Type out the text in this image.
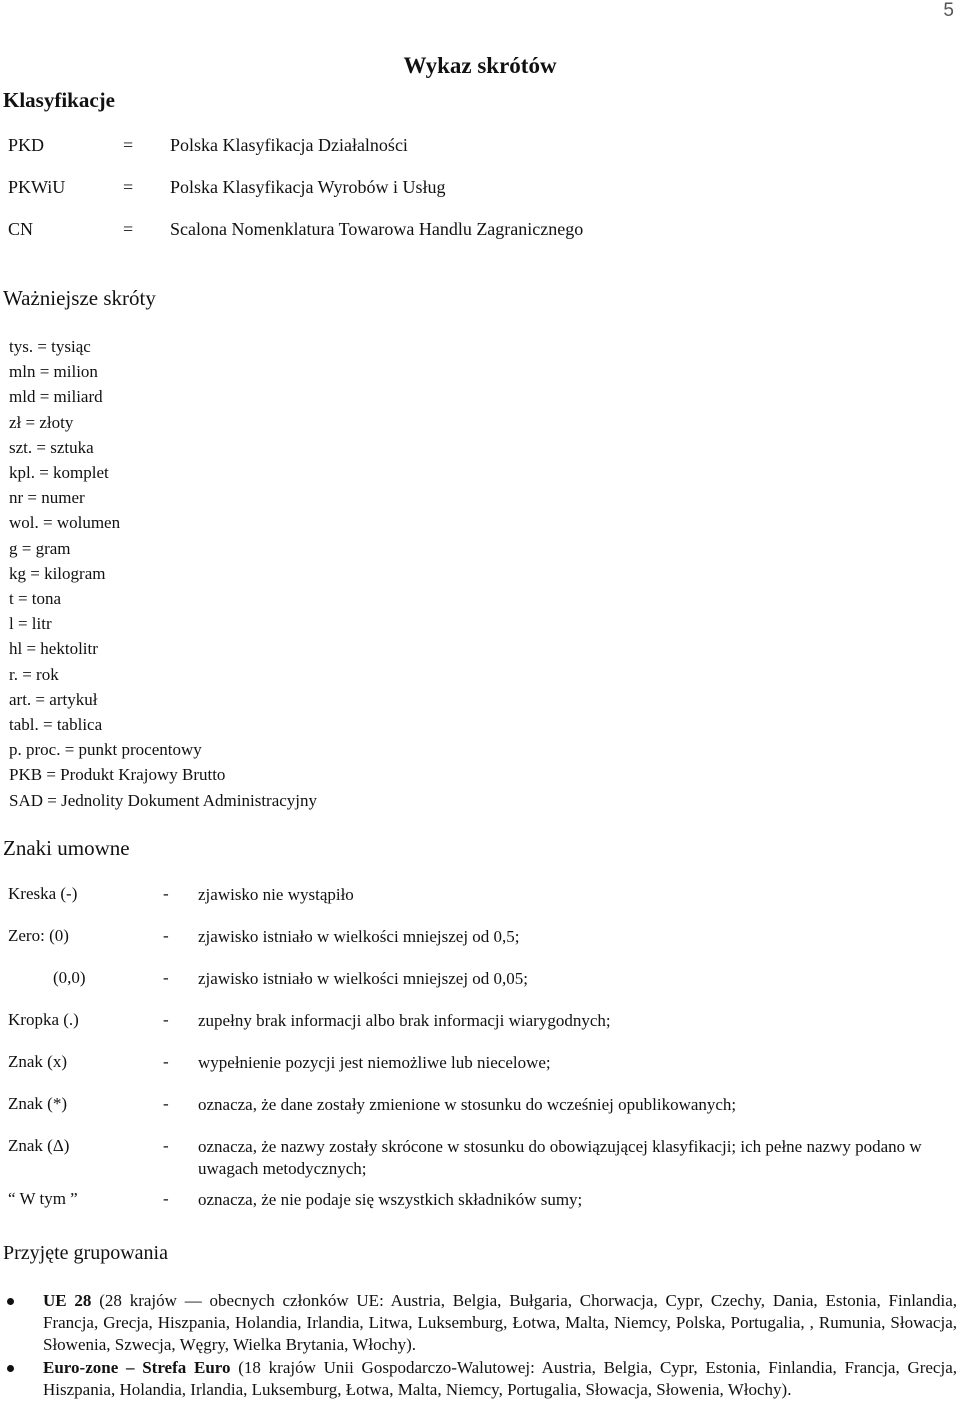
5
Wykaz skrótów
Klasyfikacje
PKD	= Polska Klasyfikacja Działalności
PKWiU	= Polska Klasyfikacja Wyrobów i Usług
CN	= Scalona Nomenklatura Towarowa Handlu Zagranicznego
Ważniejsze skróty
tys. = tysiąc
mln = milion
mld = miliard
zł = złoty
szt. = sztuka
kpl. = komplet
nr = numer
wol. = wolumen
g = gram
kg = kilogram
t = tona
l = litr
hl = hektolitr
r. = rok
art. = artykuł
tabl. = tablica
p. proc. = punkt procentowy
PKB = Produkt Krajowy Brutto
SAD = Jednolity Dokument Administracyjny
Znaki umowne
Kreska (-)	- zjawisko nie wystąpiło
Zero: (0)	- zjawisko istniało w wielkości mniejszej od 0,5;
(0,0)	- zjawisko istniało w wielkości mniejszej od 0,05;
Kropka (.)	- zupełny brak informacji albo brak informacji wiarygodnych;
Znak (x)	- wypełnienie pozycji jest niemożliwe lub niecelowe;
Znak (*)	- oznacza, że dane zostały zmienione w stosunku do wcześniej opublikowanych;
Znak (Δ)	- oznacza, że nazwy zostały skrócone w stosunku do obowiązującej klasyfikacji; ich pełne nazwy podano w uwagach metodycznych;
“ W tym ”	- oznacza, że nie podaje się wszystkich składników sumy;
Przyjęte grupowania
UE 28 (28 krajów — obecnych członków UE: Austria, Belgia, Bułgaria, Chorwacja, Cypr, Czechy, Dania, Estonia, Finlandia, Francja, Grecja, Hiszpania, Holandia, Irlandia, Litwa, Luksemburg, Łotwa, Malta, Niemcy, Polska, Portugalia, , Rumunia, Słowacja, Słowenia, Szwecja, Węgry, Wielka Brytania, Włochy).
Euro-zone – Strefa Euro (18 krajów Unii Gospodarczo-Walutowej: Austria, Belgia, Cypr, Estonia, Finlandia, Francja, Grecja, Hiszpania, Holandia, Irlandia, Luksemburg, Łotwa, Malta, Niemcy, Portugalia, Słowacja, Słowenia, Włochy).
